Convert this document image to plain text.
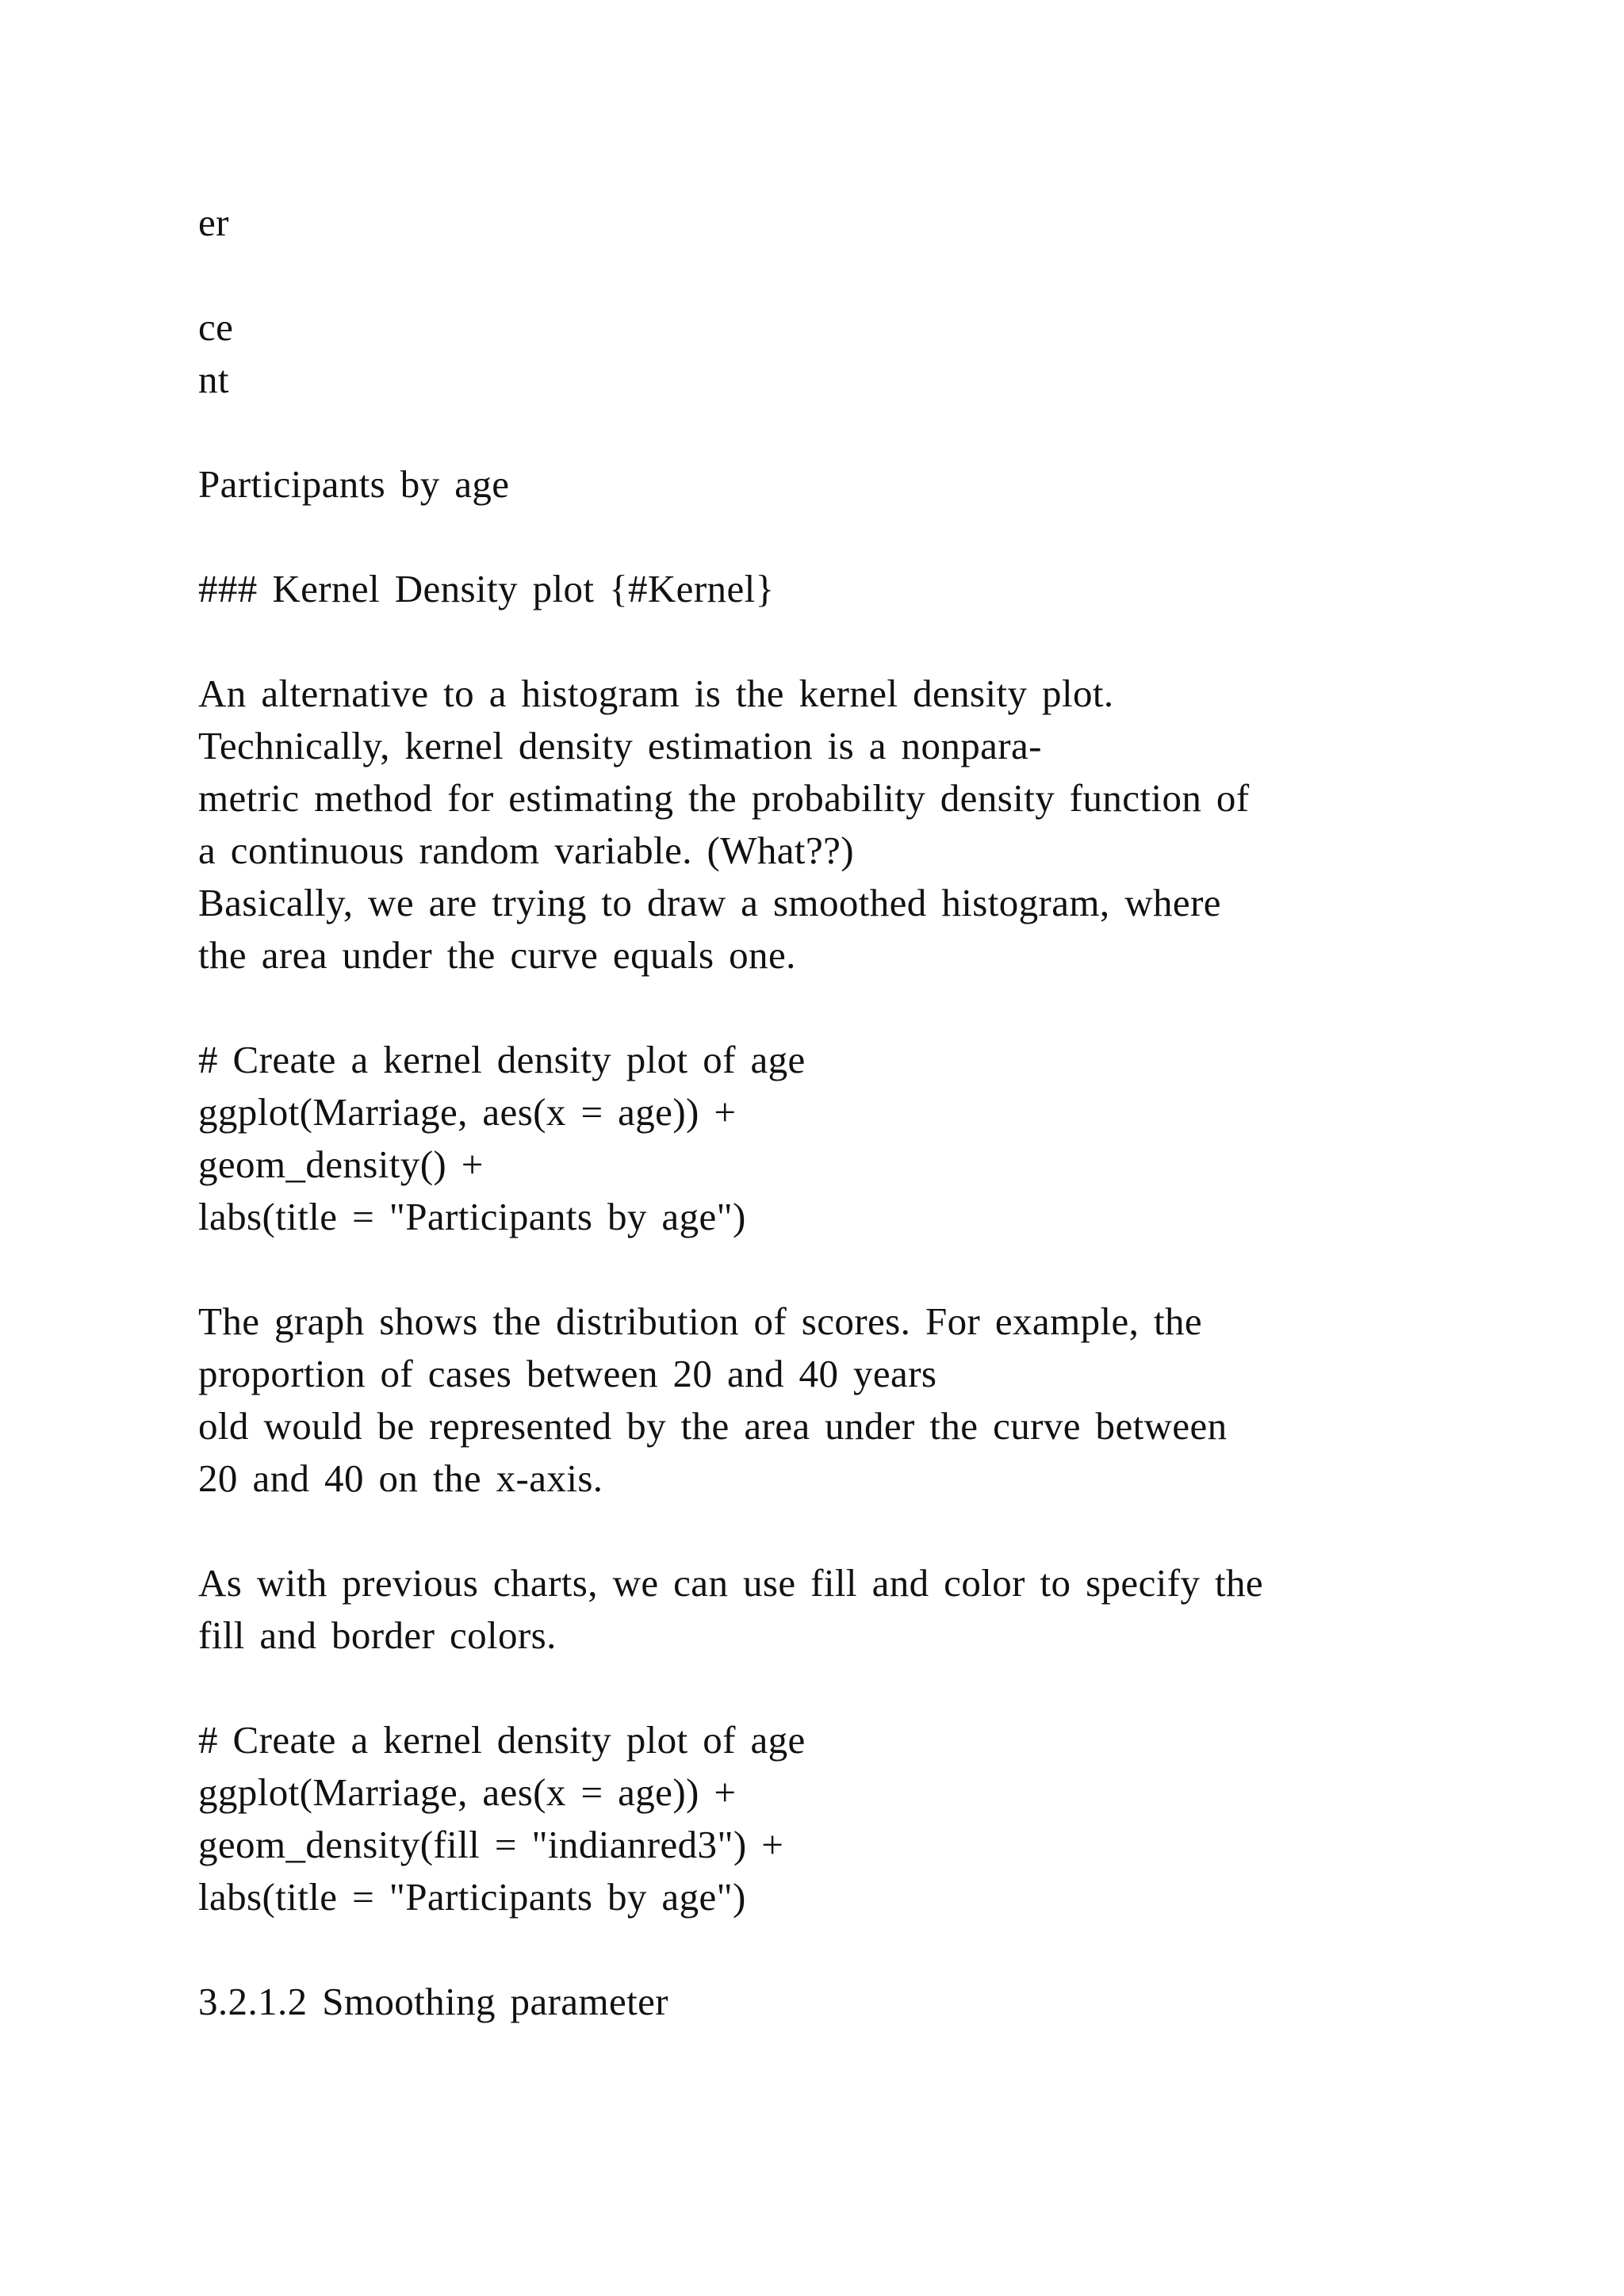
er
ce
nt
Participants by age
### Kernel Density plot {#Kernel}
An alternative to a histogram is the kernel density plot.
Technically, kernel density estimation is a nonpara-
metric method for estimating the probability density function of
a continuous random variable. (What??)
Basically, we are trying to draw a smoothed histogram, where
the area under the curve equals one.
# Create a kernel density plot of age
ggplot(Marriage, aes(x = age)) +
geom_density() +
labs(title = "Participants by age")
The graph shows the distribution of scores. For example, the
proportion of cases between 20 and 40 years
old would be represented by the area under the curve between
20 and 40 on the x-axis.
As with previous charts, we can use fill and color to specify the
fill and border colors.
# Create a kernel density plot of age
ggplot(Marriage, aes(x = age)) +
geom_density(fill = "indianred3") +
labs(title = "Participants by age")
3.2.1.2 Smoothing parameter
